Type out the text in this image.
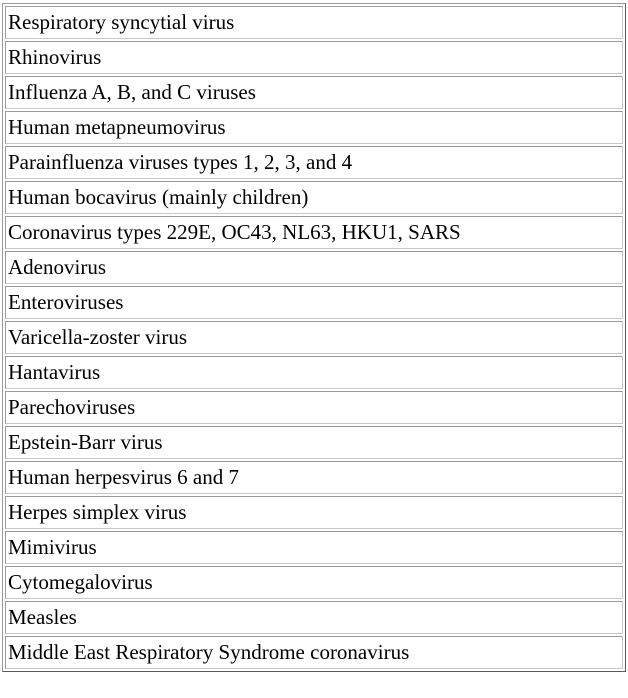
Respiratory syncytial virus
Rhinovirus
Influenza A, B, and C viruses
Human metapneumovirus
Parainfluenza viruses types 1, 2, 3, and 4
Human bocavirus (mainly children)
Coronavirus types 229E, OC43, NL63, HKU1, SARS
Adenovirus
Enteroviruses
Varicella-zoster virus
Hantavirus
Parechoviruses
Epstein-Barr virus
Human herpesvirus 6 and 7
Herpes simplex virus
Mimivirus
Cytomegalovirus
Measles
Middle East Respiratory Syndrome coronavirus
